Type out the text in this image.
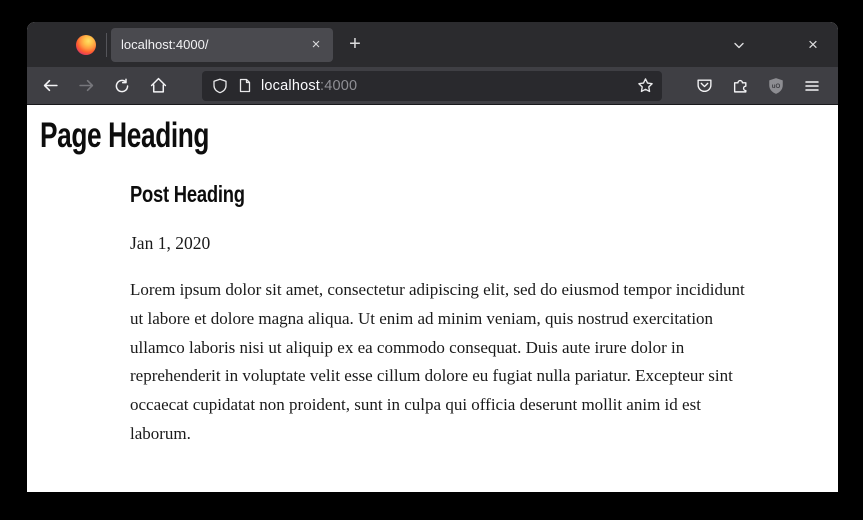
localhost:4000/	×	+	×
localhost:4000	uO
Page Heading
Post Heading
Jan 1, 2020

Lorem ipsum dolor sit amet, consectetur adipiscing elit, sed do eiusmod tempor incididunt ut labore et dolore magna aliqua. Ut enim ad minim veniam, quis nostrud exercitation ullamco laboris nisi ut aliquip ex ea commodo consequat. Duis aute irure dolor in reprehenderit in voluptate velit esse cillum dolore eu fugiat nulla pariatur. Excepteur sint occaecat cupidatat non proident, sunt in culpa qui officia deserunt mollit anim id est laborum.
